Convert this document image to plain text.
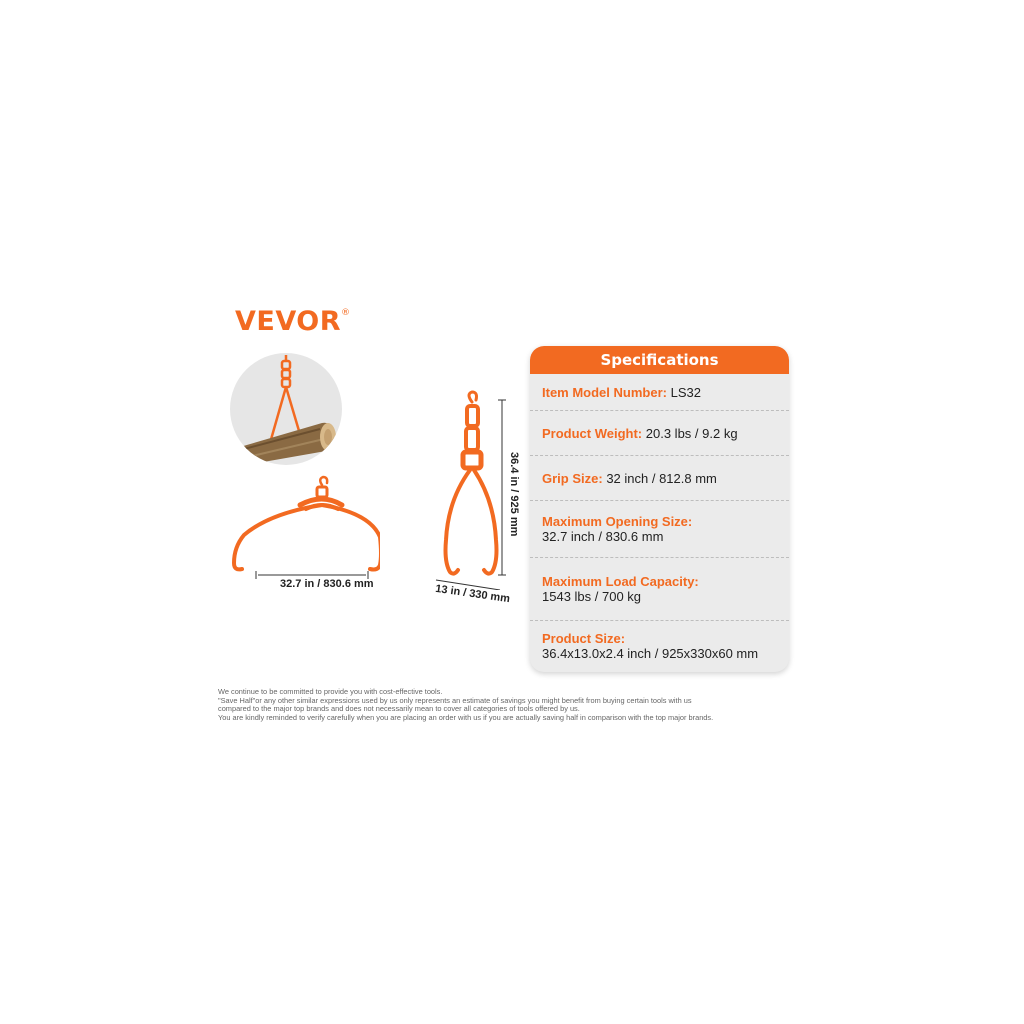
VEVOR®
32.7 in / 830.6 mm
36.4 in / 925 mm
13 in / 330 mm
Specifications
Item Model Number: LS32
Product Weight: 20.3 lbs / 9.2 kg
Grip Size: 32 inch / 812.8 mm
Maximum Opening Size:
32.7 inch / 830.6 mm
Maximum Load Capacity:
1543 lbs / 700 kg
Product Size:
36.4x13.0x2.4 inch / 925x330x60 mm
We continue to be committed to provide you with cost-effective tools.
"Save Half"or any other similar expressions used by us only represents an estimate of savings you might benefit from buying certain tools with us
compared to the major top brands and does not necessarily mean to cover all categories of tools offered by us.
You are kindly reminded to verify carefully when you are placing an order with us if you are actually saving half in comparison with the top major brands.
